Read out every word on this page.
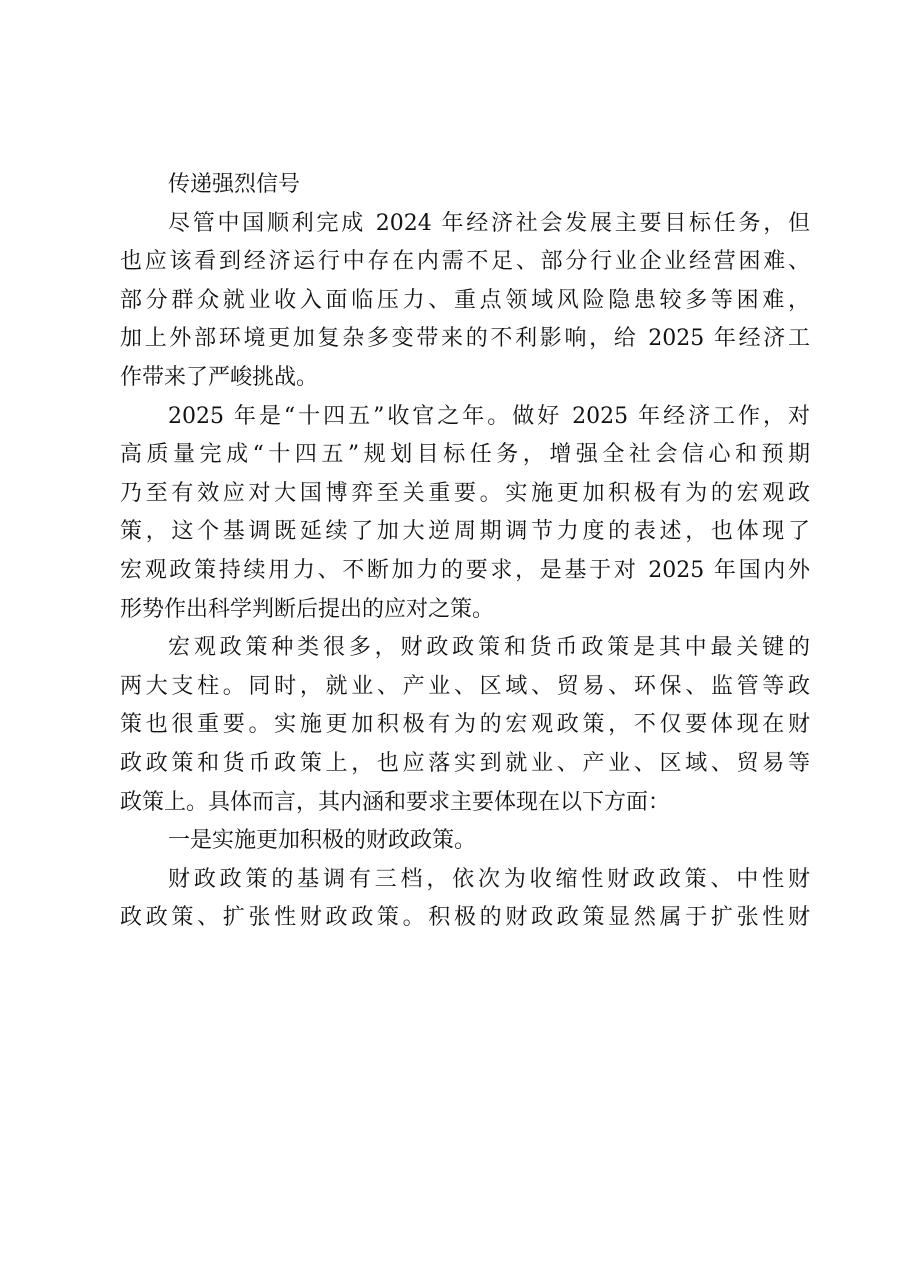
传递强烈信号
尽管中国顺利完成 2024 年经济社会发展主要目标任务，但
也应该看到经济运行中存在内需不足、部分行业企业经营困难、
部分群众就业收入面临压力、重点领域风险隐患较多等困难，
加上外部环境更加复杂多变带来的不利影响，给 2025 年经济工
作带来了严峻挑战。
2025 年是“十四五”收官之年。做好 2025 年经济工作，对
高质量完成“十四五”规划目标任务，增强全社会信心和预期
乃至有效应对大国博弈至关重要。实施更加积极有为的宏观政
策，这个基调既延续了加大逆周期调节力度的表述，也体现了
宏观政策持续用力、不断加力的要求，是基于对 2025 年国内外
形势作出科学判断后提出的应对之策。
宏观政策种类很多，财政政策和货币政策是其中最关键的
两大支柱。同时，就业、产业、区域、贸易、环保、监管等政
策也很重要。实施更加积极有为的宏观政策，不仅要体现在财
政政策和货币政策上，也应落实到就业、产业、区域、贸易等
政策上。具体而言，其内涵和要求主要体现在以下方面：
一是实施更加积极的财政政策。
财政政策的基调有三档，依次为收缩性财政政策、中性财
政政策、扩张性财政政策。积极的财政政策显然属于扩张性财
